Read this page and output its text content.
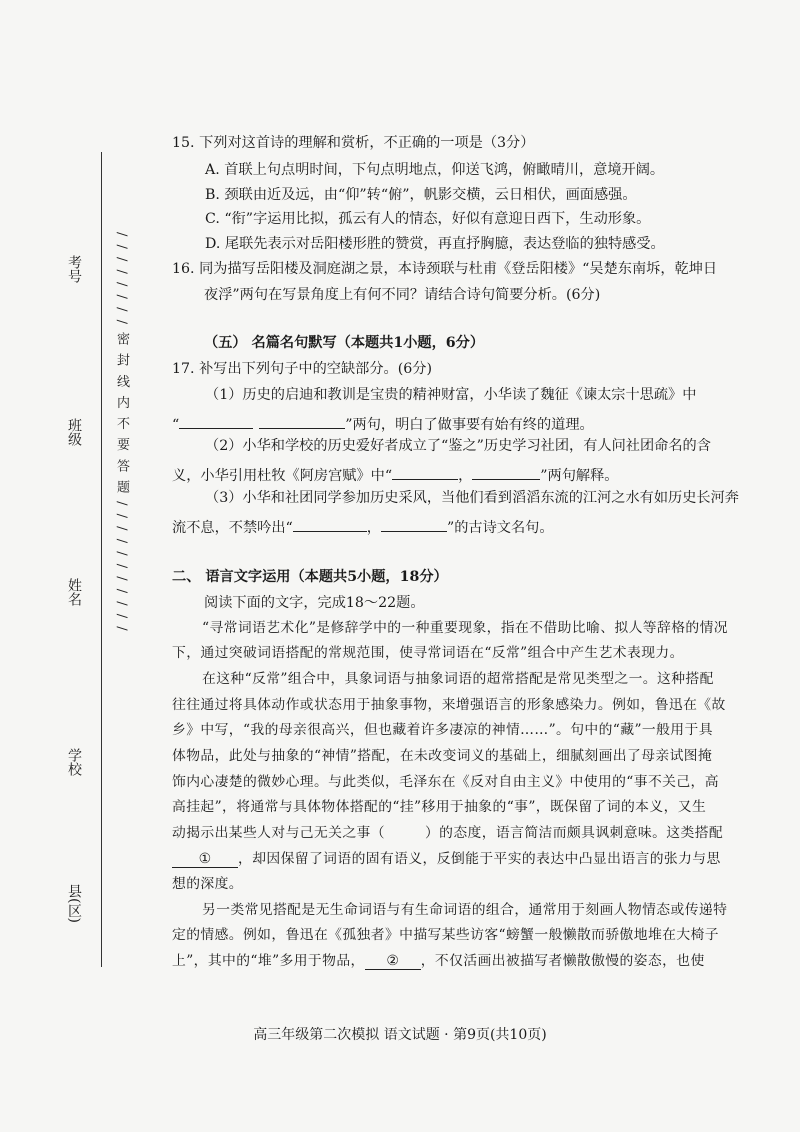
考号
班级
姓名
学校
县(区)
/ / / / / / / / 密 封 线 内 不 要 答 题 / / / / / / / / / / /
15. 下列对这首诗的理解和赏析，不正确的一项是（3分）
A. 首联上句点明时间，下句点明地点，仰送飞鸿，俯瞰晴川，意境开阔。
B. 颈联由近及远，由“仰”转“俯”，帆影交横，云日相伏，画面感强。
C. “衔”字运用比拟，孤云有人的情态，好似有意迎日西下，生动形象。
D. 尾联先表示对岳阳楼形胜的赞赏，再直抒胸臆，表达登临的独特感受。
16. 同为描写岳阳楼及洞庭湖之景，本诗颈联与杜甫《登岳阳楼》“吴楚东南坼，乾坤日
夜浮”两句在写景角度上有何不同？请结合诗句简要分析。(6分)
（五） 名篇名句默写（本题共1小题，6分）
17. 补写出下列句子中的空缺部分。(6分)
（1）历史的启迪和教训是宝贵的精神财富，小华读了魏征《谏太宗十思疏》中
“	”两句，明白了做事要有始有终的道理。
（2）小华和学校的历史爱好者成立了“鉴之”历史学习社团，有人问社团命名的含
义，小华引用杜牧《阿房宫赋》中“	，	”两句解释。
（3）小华和社团同学参加历史采风，当他们看到滔滔东流的江河之水有如历史长河奔
流不息，不禁吟出“	，	”的古诗文名句。
二、 语言文字运用（本题共5小题，18分）
阅读下面的文字，完成18～22题。
“寻常词语艺术化”是修辞学中的一种重要现象，指在不借助比喻、拟人等辞格的情况
下，通过突破词语搭配的常规范围，使寻常词语在“反常”组合中产生艺术表现力。
在这种“反常”组合中，具象词语与抽象词语的超常搭配是常见类型之一。这种搭配
往往通过将具体动作或状态用于抽象事物，来增强语言的形象感染力。例如，鲁迅在《故
乡》中写，“我的母亲很高兴，但也藏着许多凄凉的神情……”。句中的“藏”一般用于具
体物品，此处与抽象的“神情”搭配，在未改变词义的基础上，细腻刻画出了母亲试图掩
饰内心凄楚的微妙心理。与此类似，毛泽东在《反对自由主义》中使用的“事不关己，高
高挂起”，将通常与具体物体搭配的“挂”移用于抽象的“事”，既保留了词的本义，又生
动揭示出某些人对与己无关之事（	）的态度，语言简洁而颇具讽刺意味。这类搭配
① ，却因保留了词语的固有语义，反倒能于平实的表达中凸显出语言的张力与思
想的深度。
另一类常见搭配是无生命词语与有生命词语的组合，通常用于刻画人物情态或传递特
定的情感。例如，鲁迅在《孤独者》中描写某些访客“螃蟹一般懒散而骄傲地堆在大椅子
上”，其中的“堆”多用于物品， ② ，不仅活画出被描写者懒散傲慢的姿态，也使
高三年级第二次模拟 语文试题 · 第9页(共10页)
